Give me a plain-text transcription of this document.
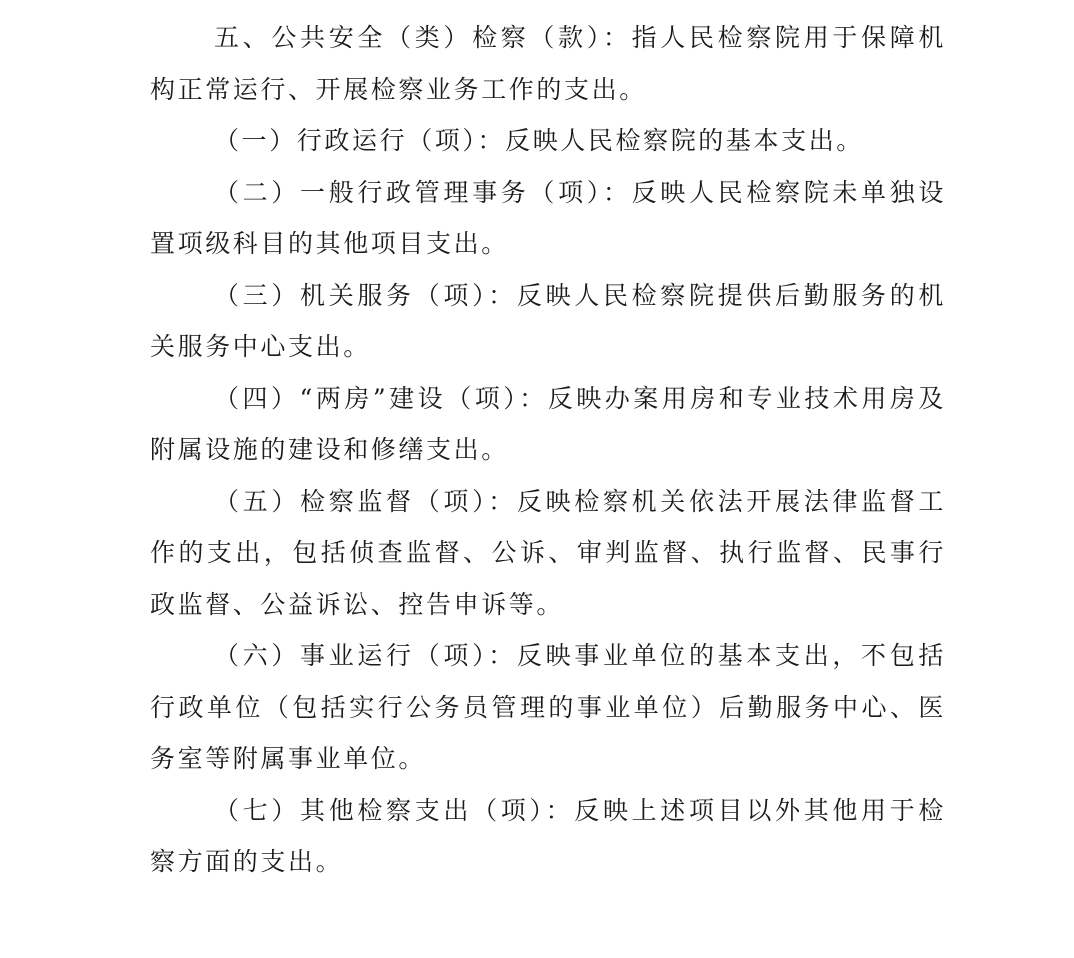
五、公共安全（类）检察（款）：指人民检察院用于保障机构正常运行、开展检察业务工作的支出。

（一）行政运行（项）：反映人民检察院的基本支出。

（二）一般行政管理事务（项）：反映人民检察院未单独设置项级科目的其他项目支出。

（三）机关服务（项）：反映人民检察院提供后勤服务的机关服务中心支出。

（四）“两房”建设（项）：反映办案用房和专业技术用房及附属设施的建设和修缮支出。

（五）检察监督（项）：反映检察机关依法开展法律监督工作的支出，包括侦查监督、公诉、审判监督、执行监督、民事行政监督、公益诉讼、控告申诉等。

（六）事业运行（项）：反映事业单位的基本支出，不包括行政单位（包括实行公务员管理的事业单位）后勤服务中心、医务室等附属事业单位。

（七）其他检察支出（项）：反映上述项目以外其他用于检察方面的支出。
